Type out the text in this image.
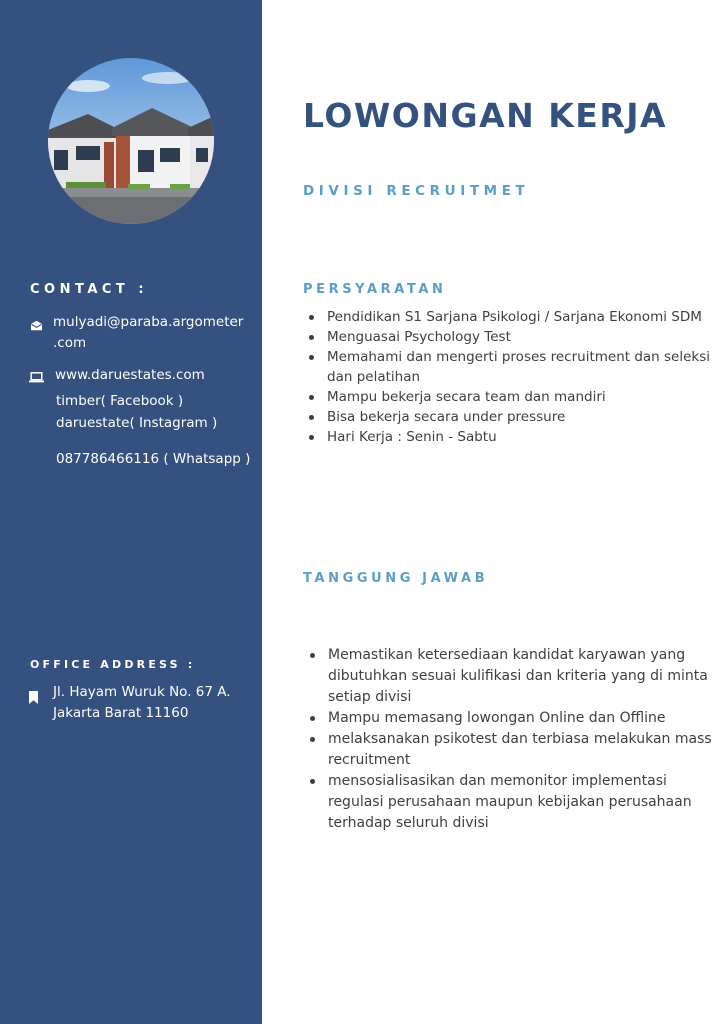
CONTACT :

mulyadi@paraba.argometer
.com

www.daruestates.com

timber( Facebook )

daruestate( Instagram )

087786466116 ( Whatsapp )

OFFICE ADDRESS :

Jl. Hayam Wuruk No. 67 A.
Jakarta Barat 11160

LOWONGAN KERJA
DIVISI RECRUITMET
PERSYARATAN
Pendidikan S1 Sarjana Psikologi / Sarjana Ekonomi SDM
Menguasai Psychology Test
Memahami dan mengerti proses recruitment dan seleksi dan pelatihan
Mampu bekerja secara team dan mandiri
Bisa bekerja secara under pressure
Hari Kerja : Senin - Sabtu
TANGGUNG JAWAB
Memastikan ketersediaan kandidat karyawan yang dibutuhkan sesuai kulifikasi dan kriteria yang di minta setiap divisi
Mampu memasang lowongan Online dan Offline
melaksanakan psikotest dan terbiasa melakukan mass recruitment
mensosialisasikan dan memonitor implementasi regulasi perusahaan maupun kebijakan perusahaan terhadap seluruh divisi
